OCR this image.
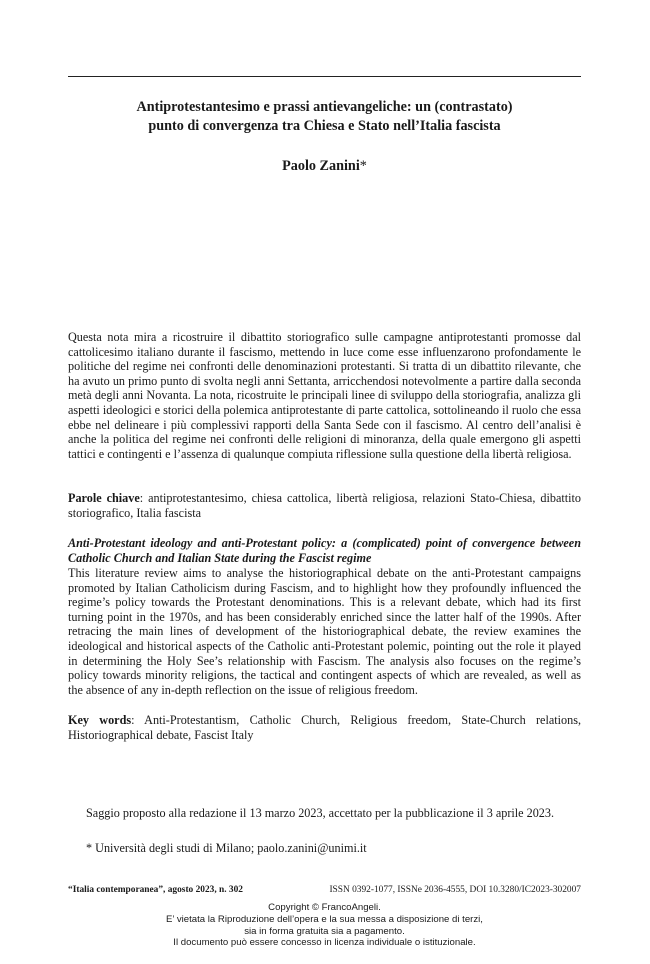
Antiprotestantesimo e prassi antievangeliche: un (contrastato)
punto di convergenza tra Chiesa e Stato nell’Italia fascista
Paolo Zanini*

Questa nota mira a ricostruire il dibattito storiografico sulle campagne antiprotestanti promosse dal cattolicesimo italiano durante il fascismo, mettendo in luce come esse influenzarono profondamente le politiche del regime nei confronti delle denominazioni protestanti. Si tratta di un dibattito rilevante, che ha avuto un primo punto di svolta negli anni Settanta, arricchendosi notevolmente a partire dalla seconda metà degli anni Novanta. La nota, ricostruite le principali linee di sviluppo della storiografia, analizza gli aspetti ideologici e storici della polemica antiprotestante di parte cattolica, sottolineando il ruolo che essa ebbe nel delineare i più complessivi rapporti della Santa Sede con il fascismo. Al centro dell’analisi è anche la politica del regime nei confronti delle religioni di minoranza, della quale emergono gli aspetti tattici e contingenti e l’assenza di qualunque compiuta riflessione sulla questione della libertà religiosa.

Parole chiave: antiprotestantesimo, chiesa cattolica, libertà religiosa, relazioni Stato-Chiesa, dibattito storiografico, Italia fascista

Anti-Protestant ideology and anti-Protestant policy: a (complicated) point of convergence between Catholic Church and Italian State during the Fascist regime

This literature review aims to analyse the historiographical debate on the anti-Protestant campaigns promoted by Italian Catholicism during Fascism, and to highlight how they profoundly influenced the regime’s policy towards the Protestant denominations. This is a relevant debate, which had its first turning point in the 1970s, and has been considerably enriched since the latter half of the 1990s. After retracing the main lines of development of the historiographical debate, the review examines the ideological and historical aspects of the Catholic anti-Protestant polemic, pointing out the role it played in determining the Holy See’s relationship with Fascism. The analysis also focuses on the regime’s policy towards minority religions, the tactical and contingent aspects of which are revealed, as well as the absence of any in-depth reflection on the issue of religious freedom.

Key words: Anti-Protestantism, Catholic Church, Religious freedom, State-Church relations, Historiographical debate, Fascist Italy

Saggio proposto alla redazione il 13 marzo 2023, accettato per la pubblicazione il 3 aprile 2023.

* Università degli studi di Milano; paolo.zanini@unimi.it

“Italia contemporanea”, agosto 2023, n. 302	ISSN 0392-1077, ISSNe 2036-4555, DOI 10.3280/IC2023-302007
Copyright © FrancoAngeli.
E’ vietata la Riproduzione dell’opera e la sua messa a disposizione di terzi,
sia in forma gratuita sia a pagamento.
Il documento può essere concesso in licenza individuale o istituzionale.
